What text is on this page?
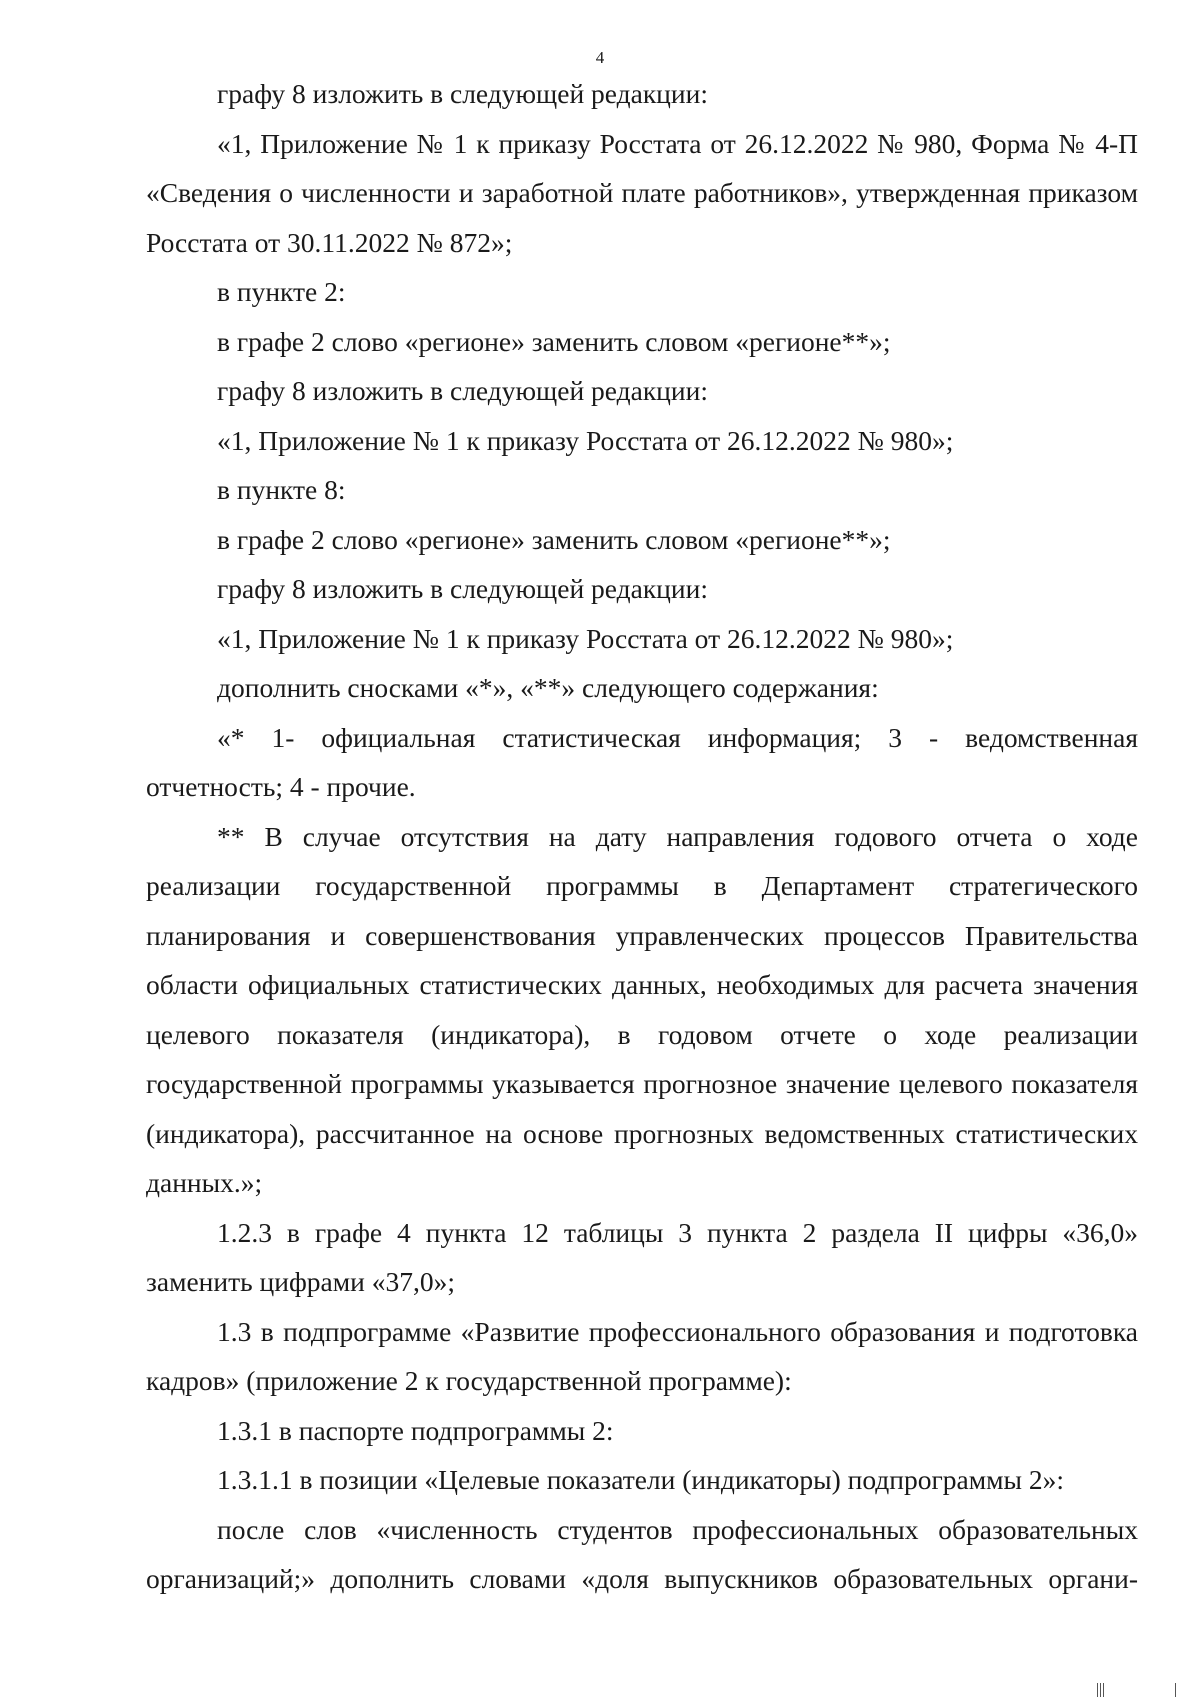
4

графу 8 изложить в следующей редакции:

«1, Приложение № 1 к приказу Росстата от 26.12.2022 № 980, Форма № 4-П «Сведения о численности и заработной плате работников», утвержденная приказом Росстата от 30.11.2022 № 872»;

в пункте 2:

в графе 2 слово «регионе» заменить словом «регионе**»;

графу 8 изложить в следующей редакции:

«1, Приложение № 1 к приказу Росстата от 26.12.2022 № 980»;

в пункте 8:

в графе 2 слово «регионе» заменить словом «регионе**»;

графу 8 изложить в следующей редакции:

«1, Приложение № 1 к приказу Росстата от 26.12.2022 № 980»;

дополнить сносками «*», «**» следующего содержания:

«* 1- официальная статистическая информация; 3 - ведомственная отчетность; 4 - прочие.

** В случае отсутствия на дату направления годового отчета о ходе реализации государственной программы в Департамент стратегического планирования и совершенствования управленческих процессов Правительства области официальных статистических данных, необходимых для расчета значения целевого показателя (индикатора), в годовом отчете о ходе реализации государственной программы указывается прогнозное значение целевого показателя (индикатора), рассчитанное на основе прогнозных ведомственных статистических данных.»;

1.2.3 в графе 4 пункта 12 таблицы 3 пункта 2 раздела II цифры «36,0» заменить цифрами «37,0»;

1.3 в подпрограмме «Развитие профессионального образования и подготовка кадров» (приложение 2 к государственной программе):

1.3.1 в паспорте подпрограммы 2:

1.3.1.1 в позиции «Целевые показатели (индикаторы) подпрограммы 2»:

после слов «численность студентов профессиональных образовательных организаций;» дополнить словами «доля выпускников образовательных органи-
